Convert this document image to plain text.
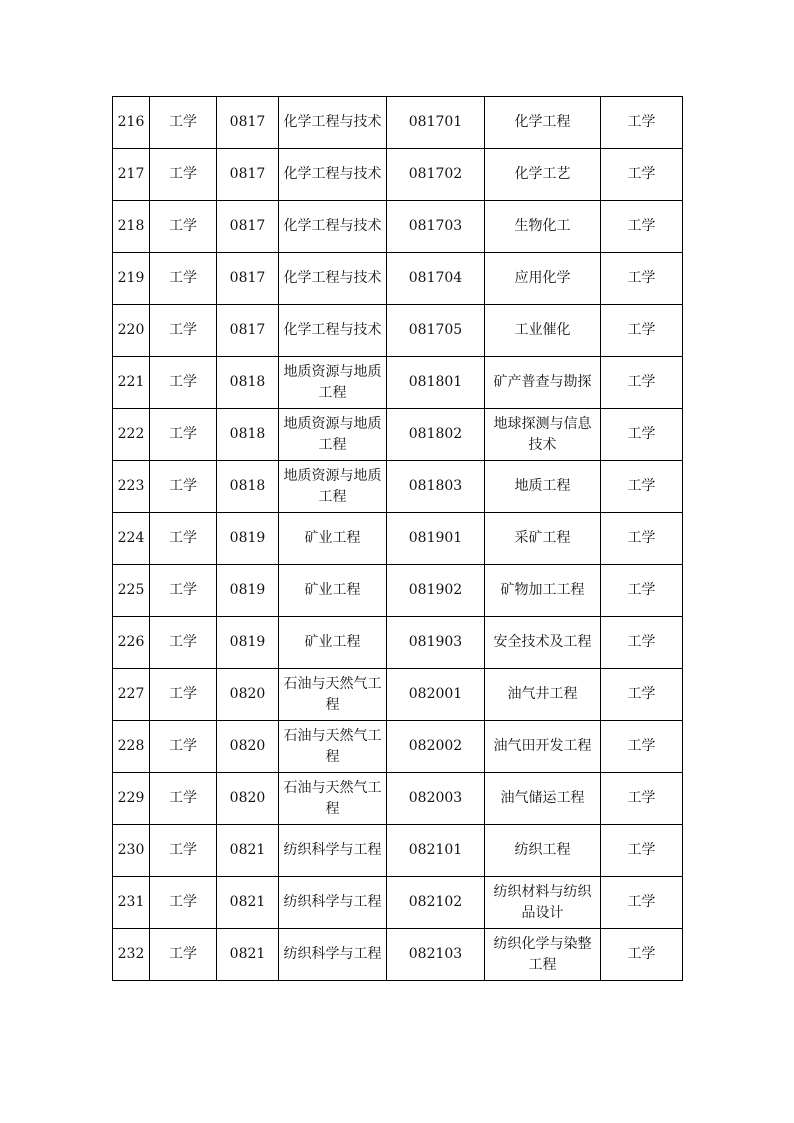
216	工学	0817	化学工程与技术	081701	化学工程	工学
217	工学	0817	化学工程与技术	081702	化学工艺	工学
218	工学	0817	化学工程与技术	081703	生物化工	工学
219	工学	0817	化学工程与技术	081704	应用化学	工学
220	工学	0817	化学工程与技术	081705	工业催化	工学
221	工学	0818	地质资源与地质工程	081801	矿产普查与勘探	工学
222	工学	0818	地质资源与地质工程	081802	地球探测与信息技术	工学
223	工学	0818	地质资源与地质工程	081803	地质工程	工学
224	工学	0819	矿业工程	081901	采矿工程	工学
225	工学	0819	矿业工程	081902	矿物加工工程	工学
226	工学	0819	矿业工程	081903	安全技术及工程	工学
227	工学	0820	石油与天然气工程	082001	油气井工程	工学
228	工学	0820	石油与天然气工程	082002	油气田开发工程	工学
229	工学	0820	石油与天然气工程	082003	油气储运工程	工学
230	工学	0821	纺织科学与工程	082101	纺织工程	工学
231	工学	0821	纺织科学与工程	082102	纺织材料与纺织品设计	工学
232	工学	0821	纺织科学与工程	082103	纺织化学与染整工程	工学
